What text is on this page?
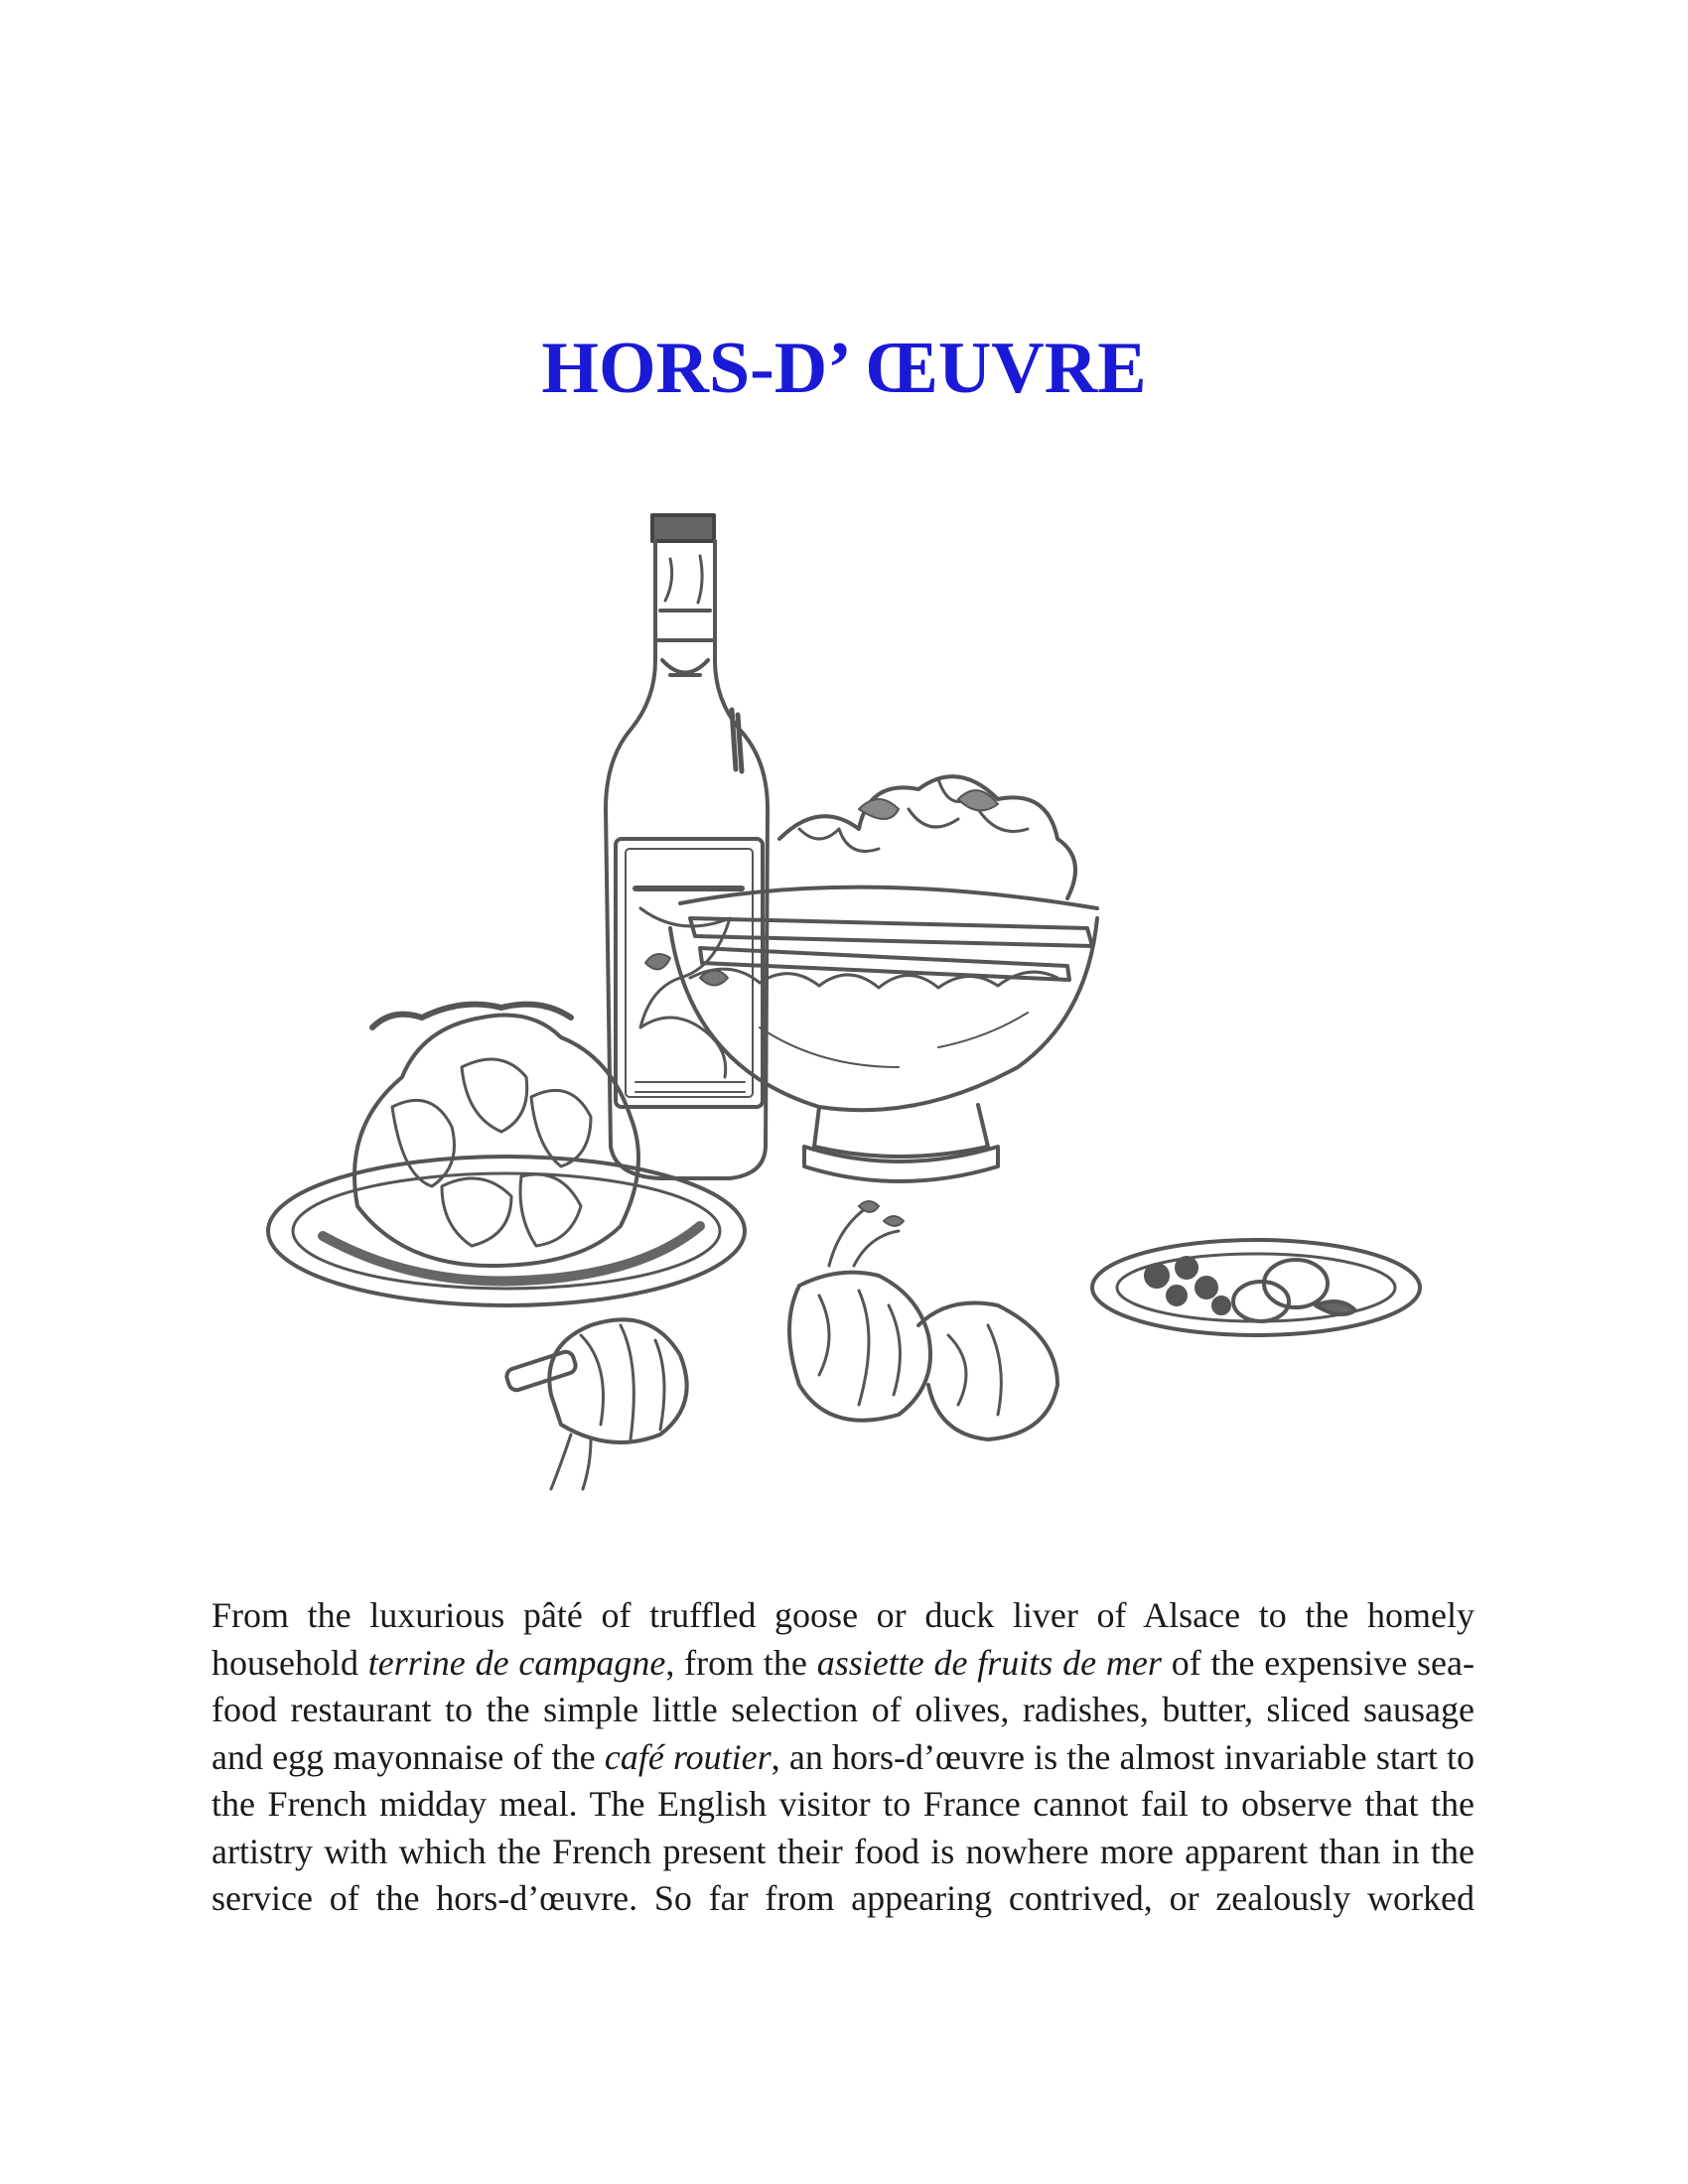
HORS-D’ ŒUVRE

From the luxurious pâté of truffled goose or duck liver of Alsace to the homely household terrine de campagne, from the assiette de fruits de mer of the expensive sea-food restaurant to the simple little selection of olives, radishes, butter, sliced sausage and egg mayonnaise of the café routier, an hors-d’œuvre is the almost invariable start to the French midday meal. The English visitor to France cannot fail to observe that the artistry with which the French present their food is nowhere more apparent than in the service of the hors-d’œuvre. So far from appearing contrived, or zealously worked
